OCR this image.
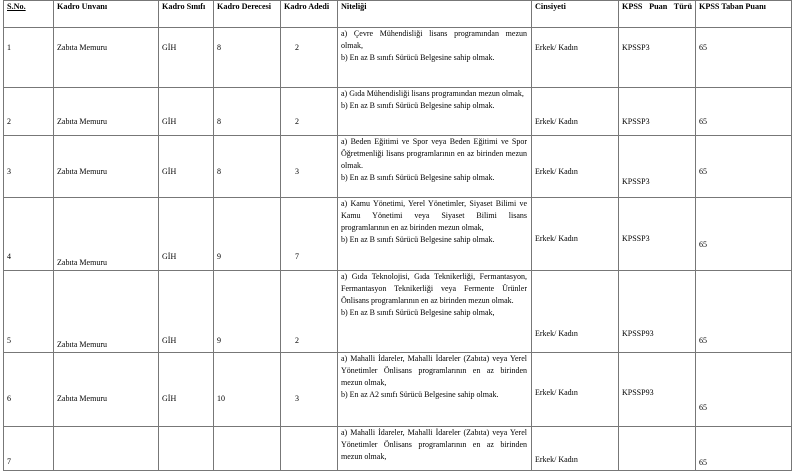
S.No.	Kadro Unvanı	Kadro Sınıfı	Kadro Derecesi	Kadro Adedi	Niteliği	Cinsiyeti	KPSS Puan Türü	KPSS Taban Puanı
1	Zabıta Memuru	GİH	8	2	a) Çevre Mühendisliği lisans programından mezun olmak,
b) En az B sınıfı Sürücü Belgesine sahip olmak.	Erkek/ Kadın	KPSSP3	65
2	Zabıta Memuru	GİH	8	2	a) Gıda Mühendisliği lisans programından mezun olmak,
b) En az B sınıfı Sürücü Belgesine sahip olmak.	Erkek/ Kadın	KPSSP3	65
3	Zabıta Memuru	GİH	8	3	a) Beden Eğitimi ve Spor veya Beden Eğitimi ve Spor Öğretmenliği lisans programlarının en az birinden mezun olmak.
b) En az B sınıfı Sürücü Belgesine sahip olmak.	Erkek/ Kadın	KPSSP3	65
4	Zabıta Memuru	GİH	9	7	a) Kamu Yönetimi, Yerel Yönetimler, Siyaset Bilimi ve Kamu Yönetimi veya Siyaset Bilimi lisans programlarının en az birinden mezun olmak,
b) En az B sınıfı Sürücü Belgesine sahip olmak.	Erkek/ Kadın	KPSSP3	65
5	Zabıta Memuru	GİH	9	2	a) Gıda Teknolojisi, Gıda Teknikerliği, Fermantasyon, Fermantasyon Teknikerliği veya Fermente Ürünler Önlisans programlarının en az birinden mezun olmak.
b) En az B sınıfı Sürücü Belgesine sahip olmak,	Erkek/ Kadın	KPSSP93	65
6	Zabıta Memuru	GİH	10	3	a) Mahalli İdareler, Mahalli İdareler (Zabıta) veya Yerel Yönetimler Önlisans programlarının en az birinden mezun olmak,
b) En az A2 sınıfı Sürücü Belgesine sahip olmak.	Erkek/ Kadın	KPSSP93	65
7					a) Mahalli İdareler, Mahalli İdareler (Zabıta) veya Yerel Yönetimler Önlisans programlarının en az birinden mezun olmak,	Erkek/ Kadın		65
